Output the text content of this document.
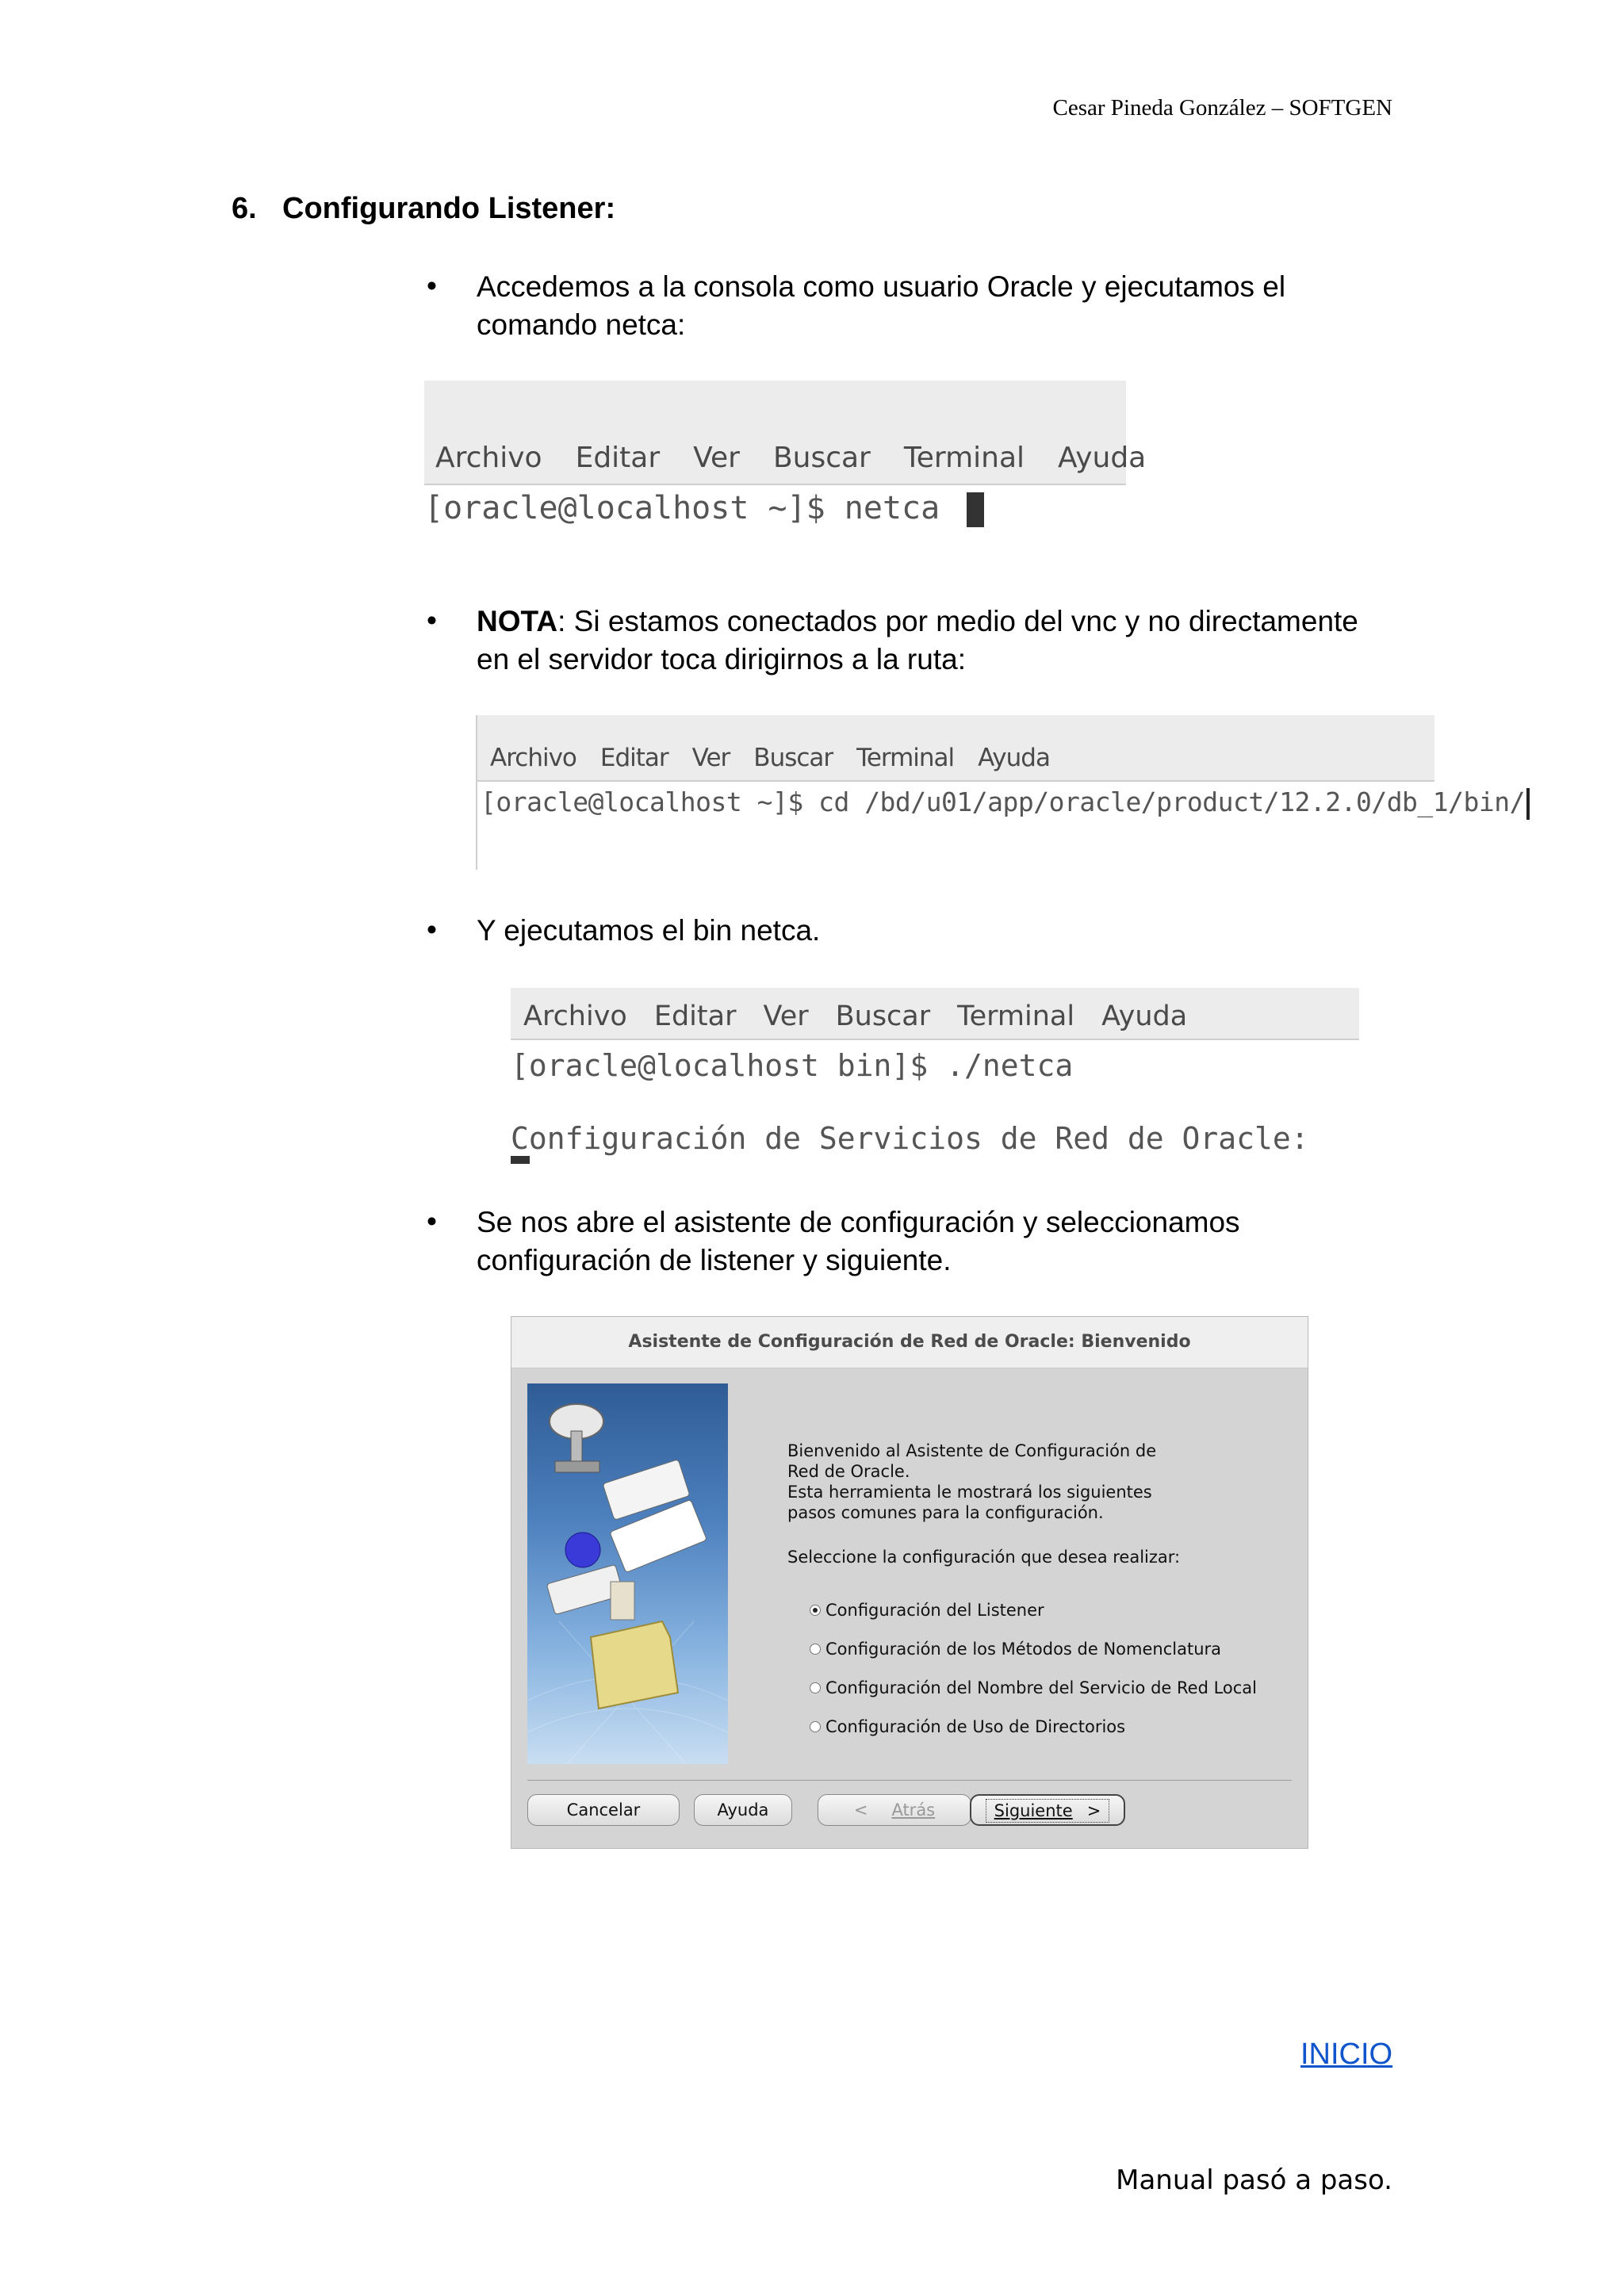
Cesar Pineda González – SOFTGEN
6. Configurando Listener:
• Accedemos a la consola como usuario Oracle y ejecutamos el
comando netca:
Archivo Editar Ver Buscar Terminal Ayuda
[oracle@localhost ~]$ netca
• NOTA: Si estamos conectados por medio del vnc y no directamente
en el servidor toca dirigirnos a la ruta:
Archivo Editar Ver Buscar Terminal Ayuda
[oracle@localhost ~]$ cd /bd/u01/app/oracle/product/12.2.0/db_1/bin/
• Y ejecutamos el bin netca.
Archivo Editar Ver Buscar Terminal Ayuda
[oracle@localhost bin]$ ./netca
Configuración de Servicios de Red de Oracle:
• Se nos abre el asistente de configuración y seleccionamos
configuración de listener y siguiente.
Asistente de Configuración de Red de Oracle: Bienvenido
Bienvenido al Asistente de Configuración de
Red de Oracle.
Esta herramienta le mostrará los siguientes
pasos comunes para la configuración.
Seleccione la configuración que desea realizar:
Configuración del Listener
Configuración de los Métodos de Nomenclatura
Configuración del Nombre del Servicio de Red Local
Configuración de Uso de Directorios
Cancelar	Ayuda	< Atrás	Siguiente >
INICIO
Manual pasó a paso.
